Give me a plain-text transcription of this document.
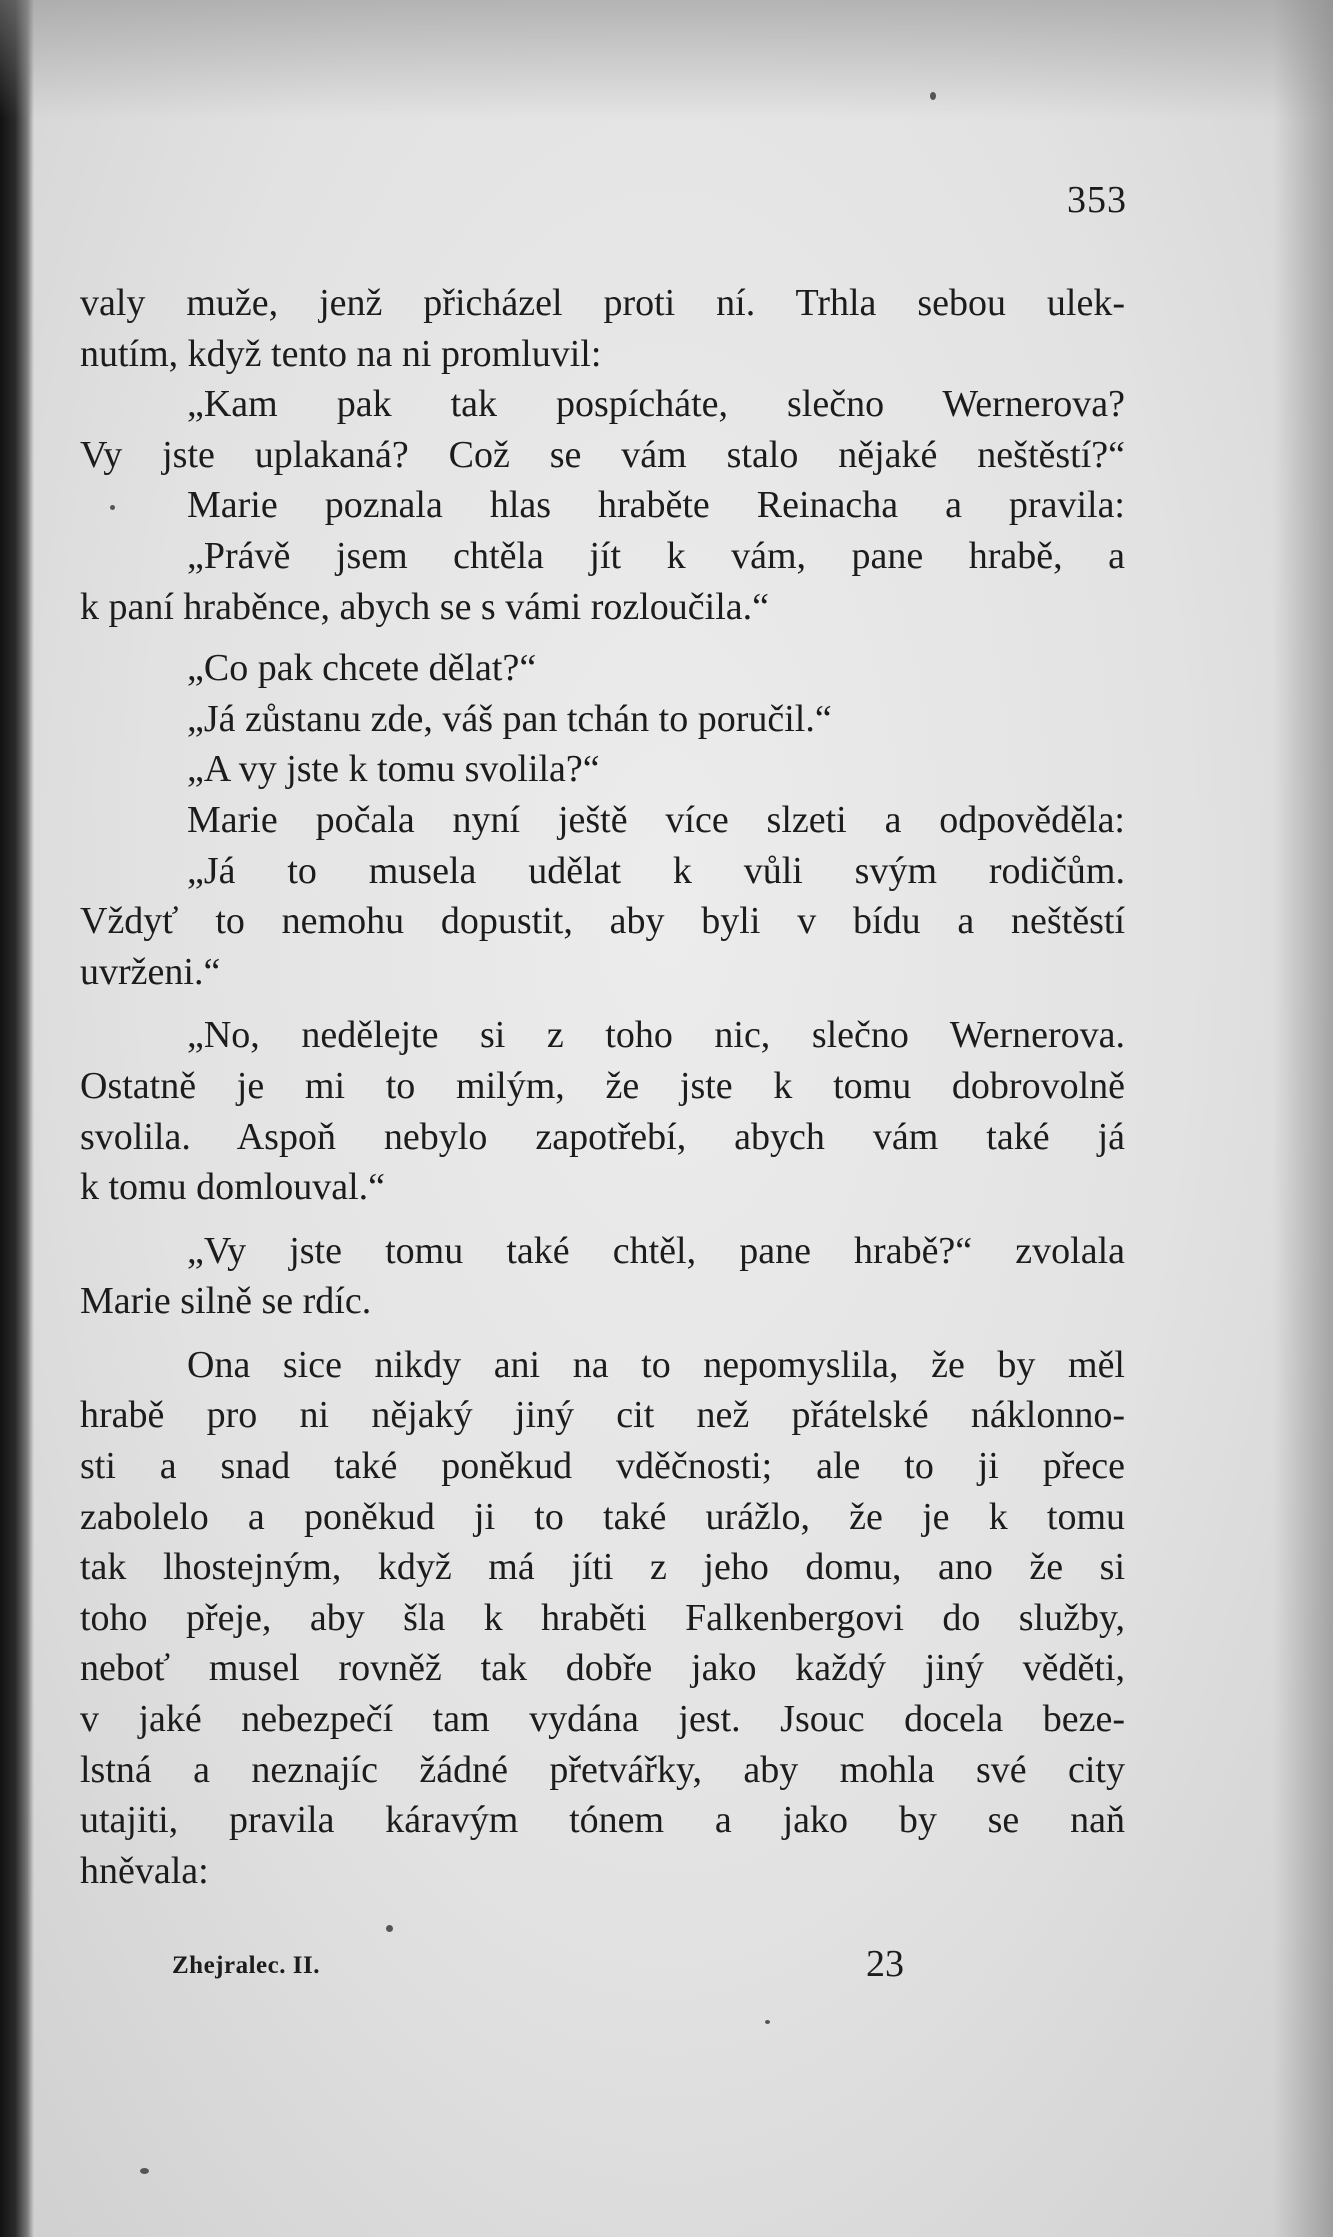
353
valy muže, jenž přicházel proti ní. Trhla sebou ulek-
nutím, když tento na ni promluvil:
„Kam pak tak pospícháte, slečno Wernerova?
Vy jste uplakaná? Což se vám stalo nějaké neštěstí?“
Marie poznala hlas hraběte Reinacha a pravila:
„Právě jsem chtěla jít k vám, pane hrabě, a
k paní hraběnce, abych se s vámi rozloučila.“
„Co pak chcete dělat?“
„Já zůstanu zde, váš pan tchán to poručil.“
„A vy jste k tomu svolila?“
Marie počala nyní ještě více slzeti a odpověděla:
„Já to musela udělat k vůli svým rodičům.
Vždyť to nemohu dopustit, aby byli v bídu a neštěstí
uvrženi.“
„No, nedělejte si z toho nic, slečno Wernerova.
Ostatně je mi to milým, že jste k tomu dobrovolně
svolila. Aspoň nebylo zapotřebí, abych vám také já
k tomu domlouval.“
„Vy jste tomu také chtěl, pane hrabě?“ zvolala
Marie silně se rdíc.
Ona sice nikdy ani na to nepomyslila, že by měl
hrabě pro ni nějaký jiný cit než přátelské náklonno-
sti a snad také poněkud vděčnosti; ale to ji přece
zabolelo a poněkud ji to také urážlo, že je k tomu
tak lhostejným, když má jíti z jeho domu, ano že si
toho přeje, aby šla k hraběti Falkenbergovi do služby,
neboť musel rovněž tak dobře jako každý jiný věděti,
v jaké nebezpečí tam vydána jest. Jsouc docela beze-
lstná a neznajíc žádné přetvářky, aby mohla své city
utajiti, pravila káravým tónem a jako by se naň
hněvala:
Zhejralec. II.	23
